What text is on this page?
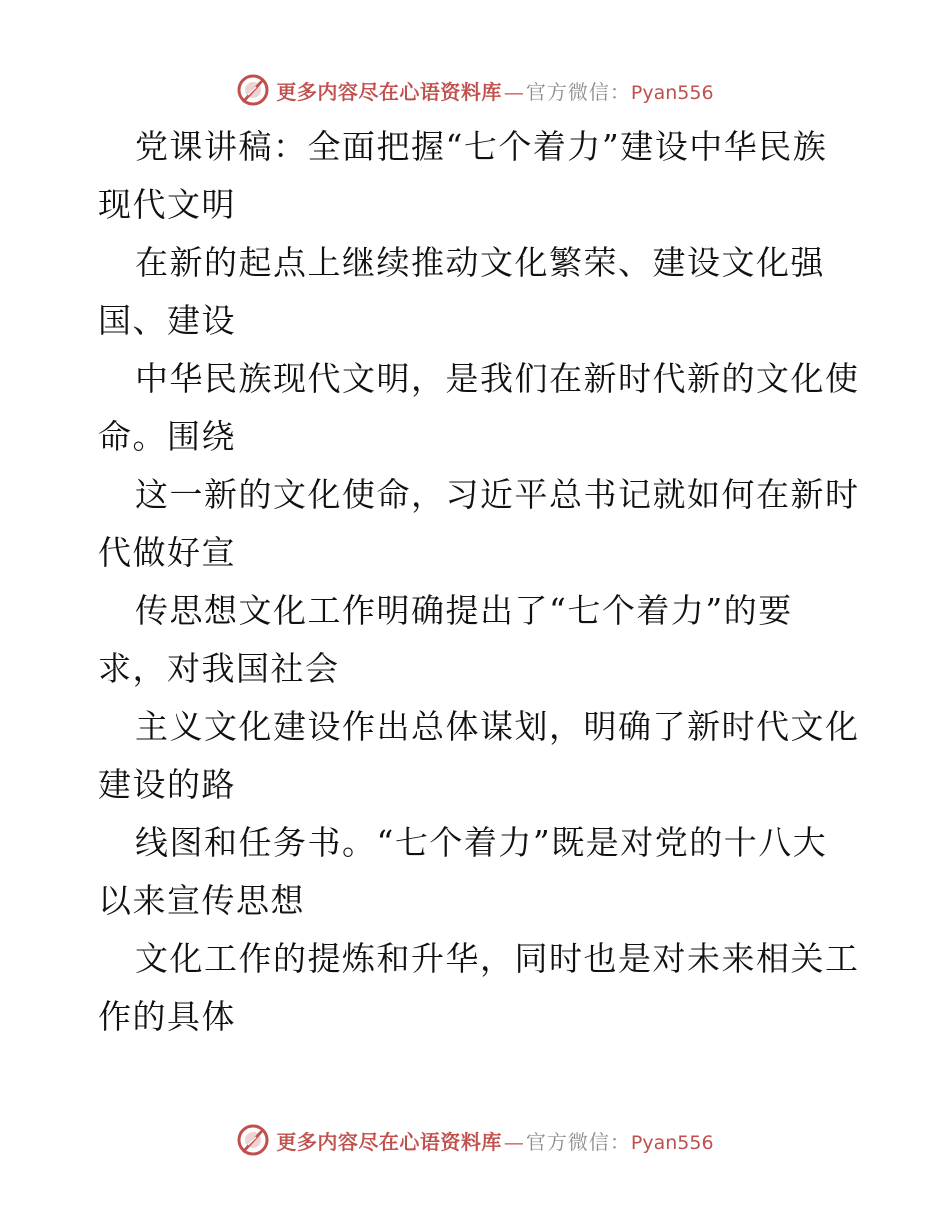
更多内容尽在心语资料库 — 官方微信： Pyan556

党课讲稿：全面把握“七个着力”建设中华民族
现代文明

在新的起点上继续推动文化繁荣、建设文化强
国、建设

中华民族现代文明，是我们在新时代新的文化使
命。围绕

这一新的文化使命，习近平总书记就如何在新时
代做好宣

传思想文化工作明确提出了“七个着力”的要
求，对我国社会

主义文化建设作出总体谋划，明确了新时代文化
建设的路

线图和任务书。“七个着力”既是对党的十八大
以来宣传思想

文化工作的提炼和升华，同时也是对未来相关工
作的具体

更多内容尽在心语资料库 — 官方微信： Pyan556
